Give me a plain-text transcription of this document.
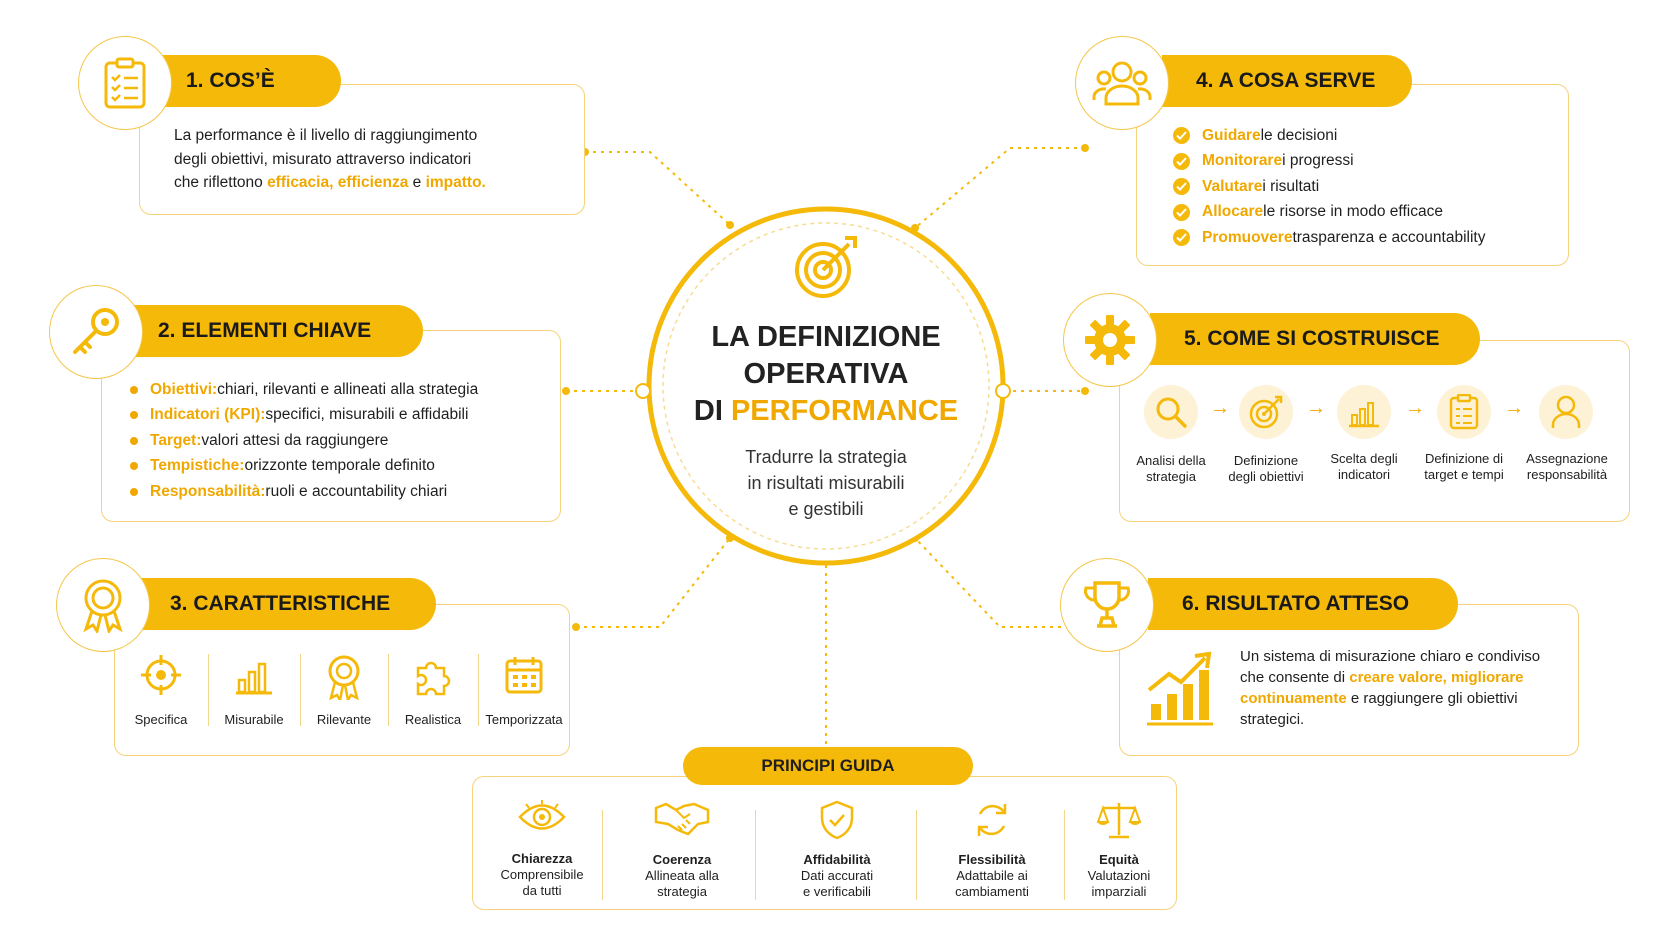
LA DEFINIZIONE
OPERATIVA
DI PERFORMANCE
Tradurre la strategia
in risultati misurabili
e gestibili
1. COS’È
La performance è il livello di raggiungimento
degli obiettivi, misurato attraverso indicatori
che riflettono efficacia, efficienza e impatto.
2. ELEMENTI CHIAVE
Obiettivi: chiari, rilevanti e allineati alla strategia
Indicatori (KPI): specifici, misurabili e affidabili
Target: valori attesi da raggiungere
Tempistiche: orizzonte temporale definito
Responsabilità: ruoli e accountability chiari
3. CARATTERISTICHE
Specifica	Misurabile	Rilevante	Realistica	Temporizzata
4. A COSA SERVE
Guidare le decisioni
Monitorare i progressi
Valutare i risultati
Allocare le risorse in modo efficace
Promuovere trasparenza e accountability
5. COME SI COSTRUISCE
Analisi della
strategia
→
Definizione
degli obiettivi
→
Scelta degli
indicatori
→
Definizione di
target e tempi
→
Assegnazione
responsabilità
6. RISULTATO ATTESO
Un sistema di misurazione chiaro e condiviso
che consente di creare valore, migliorare
continuamente e raggiungere gli obiettivi
strategici.
PRINCIPI GUIDA
Chiarezza
Comprensibile
da tutti
Coerenza
Allineata alla
strategia
Affidabilità
Dati accurati
e verificabili
Flessibilità
Adattabile ai
cambiamenti
Equità
Valutazioni
imparziali
